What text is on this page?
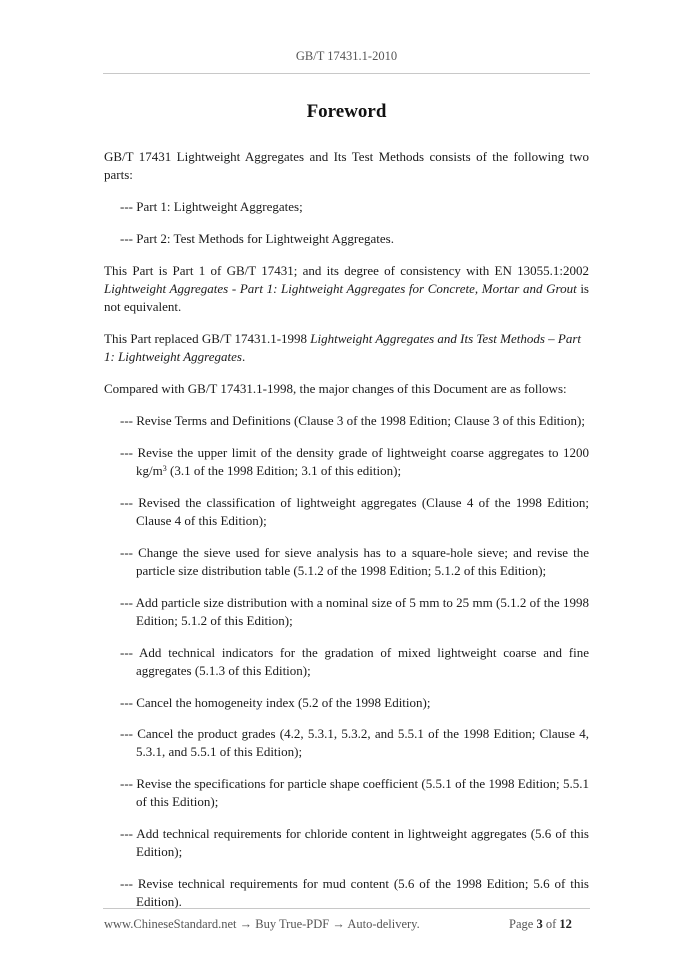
GB/T 17431.1-2010
Foreword

GB/T 17431 Lightweight Aggregates and Its Test Methods consists of the following two parts:

--- Part 1: Lightweight Aggregates;

--- Part 2: Test Methods for Lightweight Aggregates.

This Part is Part 1 of GB/T 17431; and its degree of consistency with EN 13055.1:2002 Lightweight Aggregates - Part 1: Lightweight Aggregates for Concrete, Mortar and Grout is not equivalent.

This Part replaced GB/T 17431.1-1998 Lightweight Aggregates and Its Test Methods – Part 1: Lightweight Aggregates.

Compared with GB/T 17431.1-1998, the major changes of this Document are as follows:

--- Revise Terms and Definitions (Clause 3 of the 1998 Edition; Clause 3 of this Edition);

--- Revise the upper limit of the density grade of lightweight coarse aggregates to 1200 $kg/m^3$ (3.1 of the 1998 Edition; 3.1 of this edition);

--- Revised the classification of lightweight aggregates (Clause 4 of the 1998 Edition; Clause 4 of this Edition);

--- Change the sieve used for sieve analysis has to a square-hole sieve; and revise the particle size distribution table (5.1.2 of the 1998 Edition; 5.1.2 of this Edition);

--- Add particle size distribution with a nominal size of 5 mm to 25 mm (5.1.2 of the 1998 Edition; 5.1.2 of this Edition);

--- Add technical indicators for the gradation of mixed lightweight coarse and fine aggregates (5.1.3 of this Edition);

--- Cancel the homogeneity index (5.2 of the 1998 Edition);

--- Cancel the product grades (4.2, 5.3.1, 5.3.2, and 5.5.1 of the 1998 Edition; Clause 4, 5.3.1, and 5.5.1 of this Edition);

--- Revise the specifications for particle shape coefficient (5.5.1 of the 1998 Edition; 5.5.1 of this Edition);

--- Add technical requirements for chloride content in lightweight aggregates (5.6 of this Edition);

--- Revise technical requirements for mud content (5.6 of the 1998 Edition; 5.6 of this Edition).

www.ChineseStandard.net → Buy True-PDF → Auto-delivery.	Page 3 of 12
